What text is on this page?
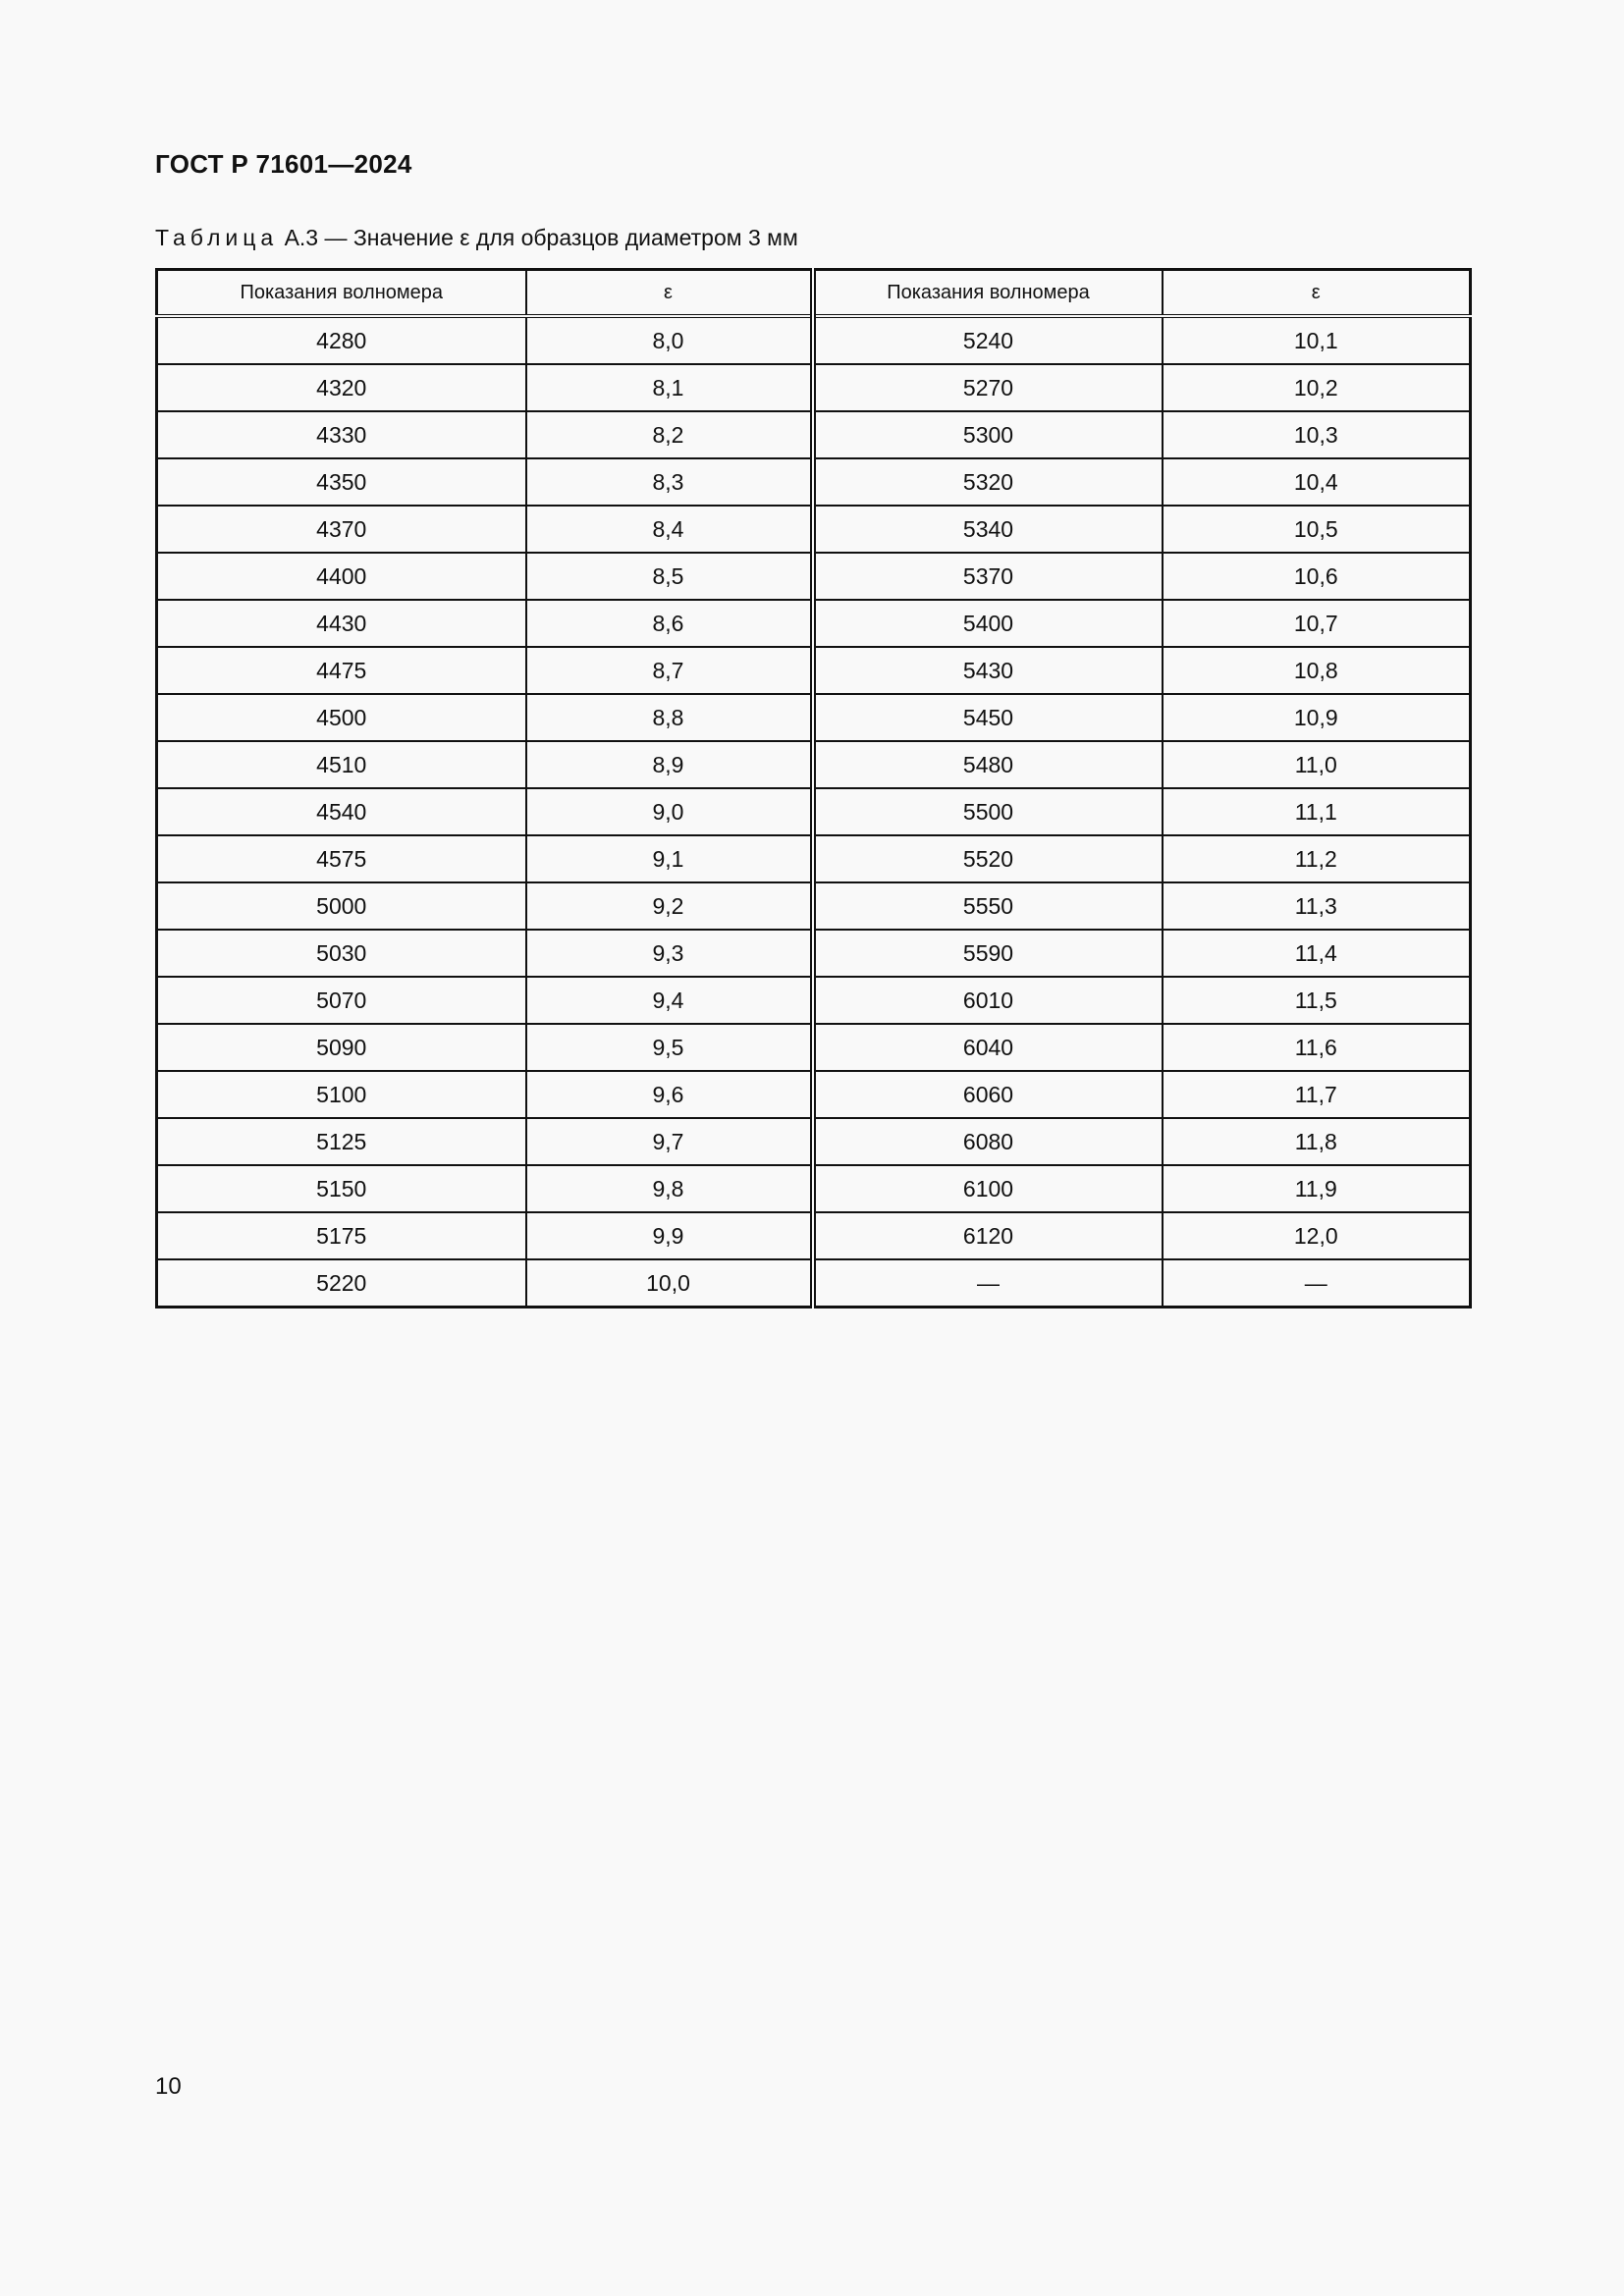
ГОСТ Р 71601—2024
Таблица А.3 — Значение ε для образцов диаметром 3 мм
Показания волномера	ε	Показания волномера	ε
4280	8,0	5240	10,1
4320	8,1	5270	10,2
4330	8,2	5300	10,3
4350	8,3	5320	10,4
4370	8,4	5340	10,5
4400	8,5	5370	10,6
4430	8,6	5400	10,7
4475	8,7	5430	10,8
4500	8,8	5450	10,9
4510	8,9	5480	11,0
4540	9,0	5500	11,1
4575	9,1	5520	11,2
5000	9,2	5550	11,3
5030	9,3	5590	11,4
5070	9,4	6010	11,5
5090	9,5	6040	11,6
5100	9,6	6060	11,7
5125	9,7	6080	11,8
5150	9,8	6100	11,9
5175	9,9	6120	12,0
5220	10,0	—	—
10
